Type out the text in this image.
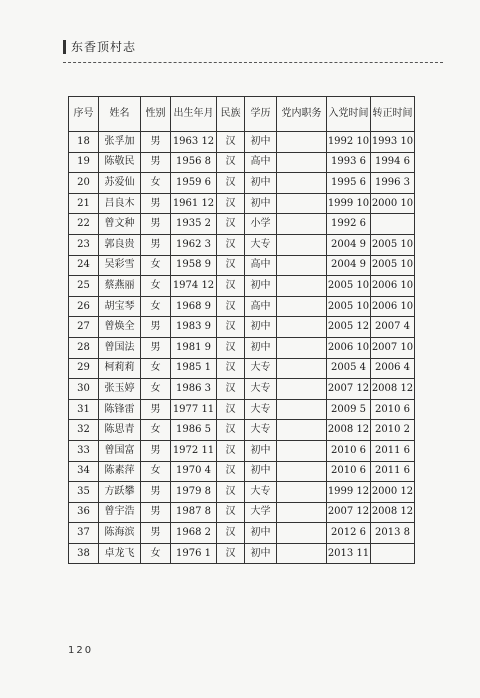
东香顶村志
序号	姓名	性别	出生年月	民族	学历	党内职务	入党时间	转正时间
18	张孚加	男	1963 12	汉	初中		1992 10	1993 10
19	陈敬民	男	1956 8	汉	高中		1993 6	1994 6
20	苏爱仙	女	1959 6	汉	初中		1995 6	1996 3
21	吕良木	男	1961 12	汉	初中		1999 10	2000 10
22	曾文种	男	1935 2	汉	小学		1992 6	
23	郭良贵	男	1962 3	汉	大专		2004 9	2005 10
24	吴彩雪	女	1958 9	汉	高中		2004 9	2005 10
25	蔡燕丽	女	1974 12	汉	初中		2005 10	2006 10
26	胡宝琴	女	1968 9	汉	高中		2005 10	2006 10
27	曾焕全	男	1983 9	汉	初中		2005 12	2007 4
28	曾国法	男	1981 9	汉	初中		2006 10	2007 10
29	柯莉莉	女	1985 1	汉	大专		2005 4	2006 4
30	张玉婷	女	1986 3	汉	大专		2007 12	2008 12
31	陈锋雷	男	1977 11	汉	大专		2009 5	2010 6
32	陈思青	女	1986 5	汉	大专		2008 12	2010 2
33	曾国富	男	1972 11	汉	初中		2010 6	2011 6
34	陈素萍	女	1970 4	汉	初中		2010 6	2011 6
35	方跃攀	男	1979 8	汉	大专		1999 12	2000 12
36	曾宇浩	男	1987 8	汉	大学		2007 12	2008 12
37	陈海滨	男	1968 2	汉	初中		2012 6	2013 8
38	卓龙飞	女	1976 1	汉	初中		2013 11	
120
